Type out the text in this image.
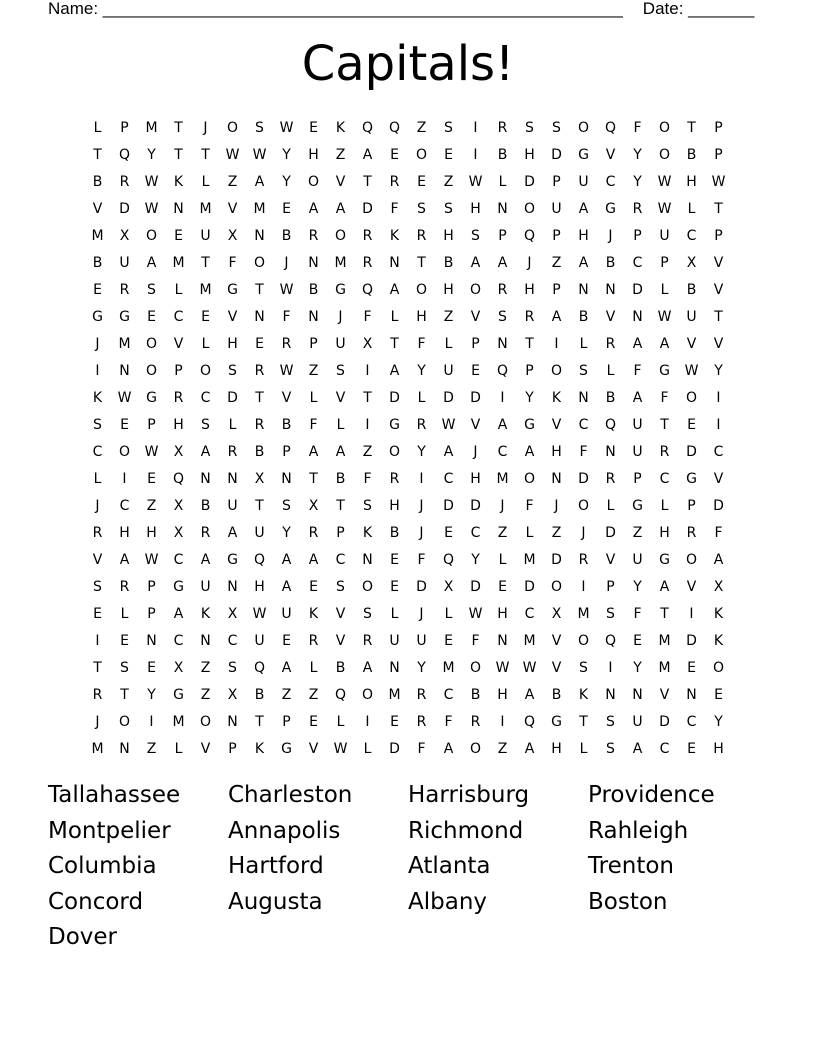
Name: _______________________________________________________ Date: _______
Capitals!
L	P	M	T	J	O	S	W	E	K	Q	Q	Z	S	I	R	S	S	O	Q	F	O	T	P
T	Q	Y	T	T	W W	Y	H	Z	A	E	O	E	I	B	H	D	G	V	Y	O	B	P
B	R	W	K	L	Z	A	Y	O	V	T	R	E	Z	W	L	D	P	U	C	Y	W	H	W
V	D	W	N	M	V	M	E	A	A	D	F	S	S	H	N	O	U	A	G	R	W	L	T
M	X	O	E	U	X	N	B	R	O	R	K	R	H	S	P	Q	P	H	J	P	U	C	P
B	U	A	M	T	F	O	J	N	M	R	N	T	B	A	A	J	Z	A	B	C	P	X	V
E	R	S	L	M	G	T	W	B	G	Q	A	O	H	O	R	H	P	N	N	D	L	B	V
G	G	E	C	E	V	N	F	N	J	F	L	H	Z	V	S	R	A	B	V	N	W	U	T
J	M	O	V	L	H	E	R	P	U	X	T	F	L	P	N	T	I	L	R	A	A	V	V
I	N	O	P	O	S	R	W	Z	S	I	A	Y	U	E	Q	P	O	S	L	F	G	W	Y
K	W	G	R	C	D	T	V	L	V	T	D	L	D	D	I	Y	K	N	B	A	F	O	I
S	E	P	H	S	L	R	B	F	L	I	G	R	W	V	A	G	V	C	Q	U	T	E	I
C	O	W	X	A	R	B	P	A	A	Z	O	Y	A	J	C	A	H	F	N	U	R	D	C
L	I	E	Q	N	N	X	N	T	B	F	R	I	C	H	M	O	N	D	R	P	C	G	V
J	C	Z	X	B	U	T	S	X	T	S	H	J	D	D	J	F	J	O	L	G	L	P	D
R	H	H	X	R	A	U	Y	R	P	K	B	J	E	C	Z	L	Z	J	D	Z	H	R	F
V	A	W	C	A	G	Q	A	A	C	N	E	F	Q	Y	L	M	D	R	V	U	G	O	A
S	R	P	G	U	N	H	A	E	S	O	E	D	X	D	E	D	O	I	P	Y	A	V	X
E	L	P	A	K	X	W	U	K	V	S	L	J	L	W	H	C	X	M	S	F	T	I	K
I	E	N	C	N	C	U	E	R	V	R	U	U	E	F	N	M	V	O	Q	E	M	D	K
T	S	E	X	Z	S	Q	A	L	B	A	N	Y	M	O	W W	V	S	I	Y	M	E	O
R	T	Y	G	Z	X	B	Z	Z	Q	O	M	R	C	B	H	A	B	K	N	N	V	N	E
J	O	I	M	O	N	T	P	E	L	I	E	R	F	R	I	Q	G	T	S	U	D	C	Y
M	N	Z	L	V	P	K	G	V	W	L	D	F	A	O	Z	A	H	L	S	A	C	E	H
Tallahassee	Charleston	Harrisburg	Providence
Montpelier	Annapolis	Richmond	Rahleigh
Columbia	Hartford	Atlanta	Trenton
Concord	Augusta	Albany	Boston
Dover
